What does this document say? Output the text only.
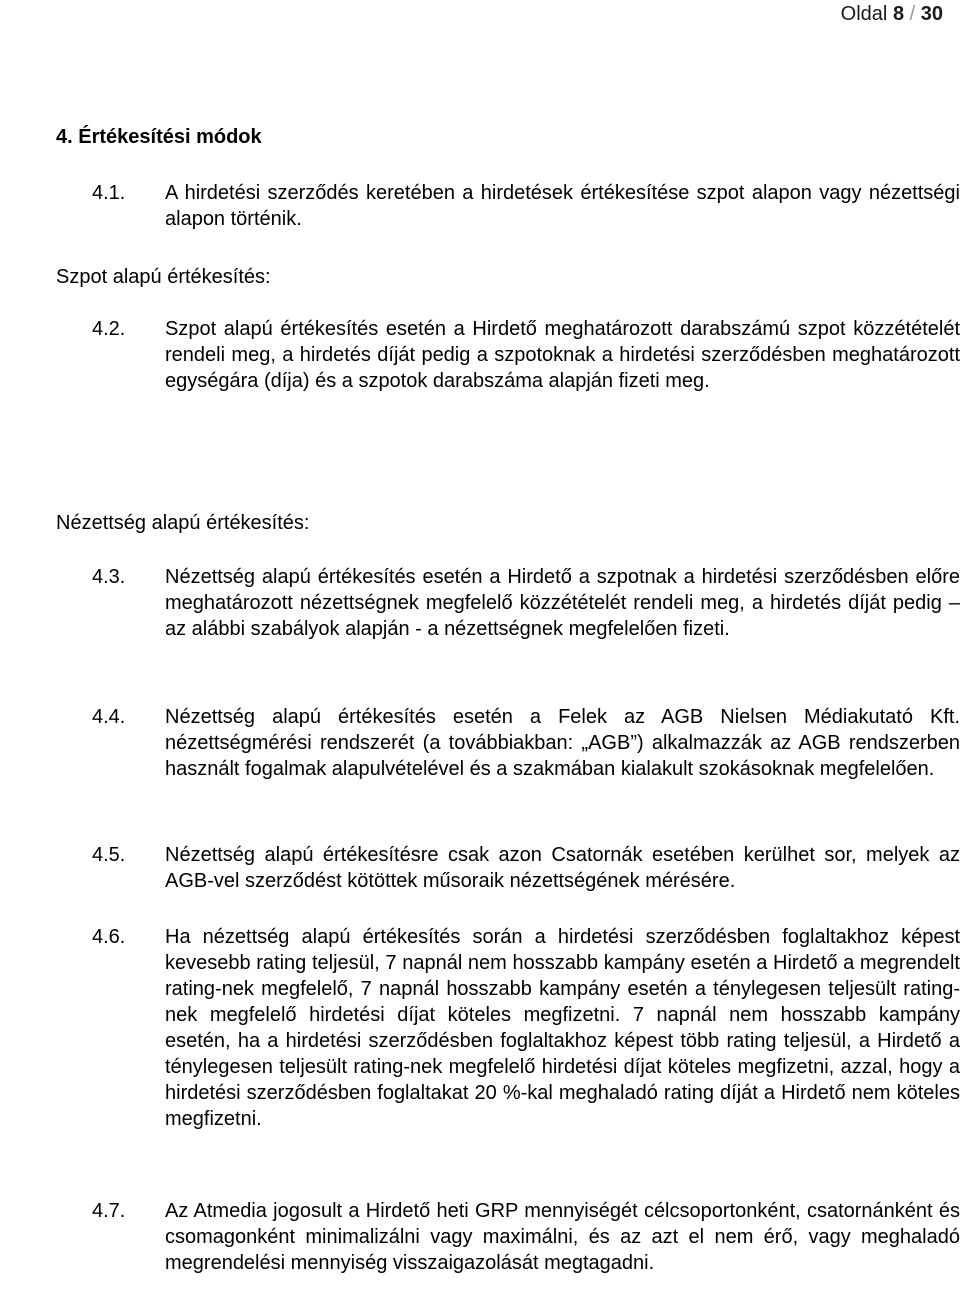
Oldal 8 / 30
4. Értékesítési módok
4.1.	A hirdetési szerződés keretében a hirdetések értékesítése szpot alapon vagy nézettségi alapon történik.
Szpot alapú értékesítés:
4.2.	Szpot alapú értékesítés esetén a Hirdető meghatározott darabszámú szpot közzétételét rendeli meg, a hirdetés díját pedig a szpotoknak a hirdetési szerződésben meghatározott egységára (díja) és a szpotok darabszáma alapján fizeti meg.
Nézettség alapú értékesítés:
4.3.	Nézettség alapú értékesítés esetén a Hirdető a szpotnak a hirdetési szerződésben előre meghatározott nézettségnek megfelelő közzétételét rendeli meg, a hirdetés díját pedig – az alábbi szabályok alapján - a nézettségnek megfelelően fizeti.
4.4.	Nézettség alapú értékesítés esetén a Felek az AGB Nielsen Médiakutató Kft. nézettségmérési rendszerét (a továbbiakban: „AGB”) alkalmazzák az AGB rendszerben használt fogalmak alapulvételével és a szakmában kialakult szokásoknak megfelelően.
4.5.	Nézettség alapú értékesítésre csak azon Csatornák esetében kerülhet sor, melyek az AGB-vel szerződést kötöttek műsoraik nézettségének mérésére.
4.6.	Ha nézettség alapú értékesítés során a hirdetési szerződésben foglaltakhoz képest kevesebb rating teljesül, 7 napnál nem hosszabb kampány esetén a Hirdető a megrendelt rating-nek megfelelő, 7 napnál hosszabb kampány esetén a ténylegesen teljesült rating-nek megfelelő hirdetési díjat köteles megfizetni. 7 napnál nem hosszabb kampány esetén, ha a hirdetési szerződésben foglaltakhoz képest több rating teljesül, a Hirdető a ténylegesen teljesült rating-nek megfelelő hirdetési díjat köteles megfizetni, azzal, hogy a hirdetési szerződésben foglaltakat 20 %-kal meghaladó rating díját a Hirdető nem köteles megfizetni.
4.7.	Az Atmedia jogosult a Hirdető heti GRP mennyiségét célcsoportonként, csatornánként és csomagonként minimalizálni vagy maximálni, és az azt el nem érő, vagy meghaladó megrendelési mennyiség visszaigazolását megtagadni.
